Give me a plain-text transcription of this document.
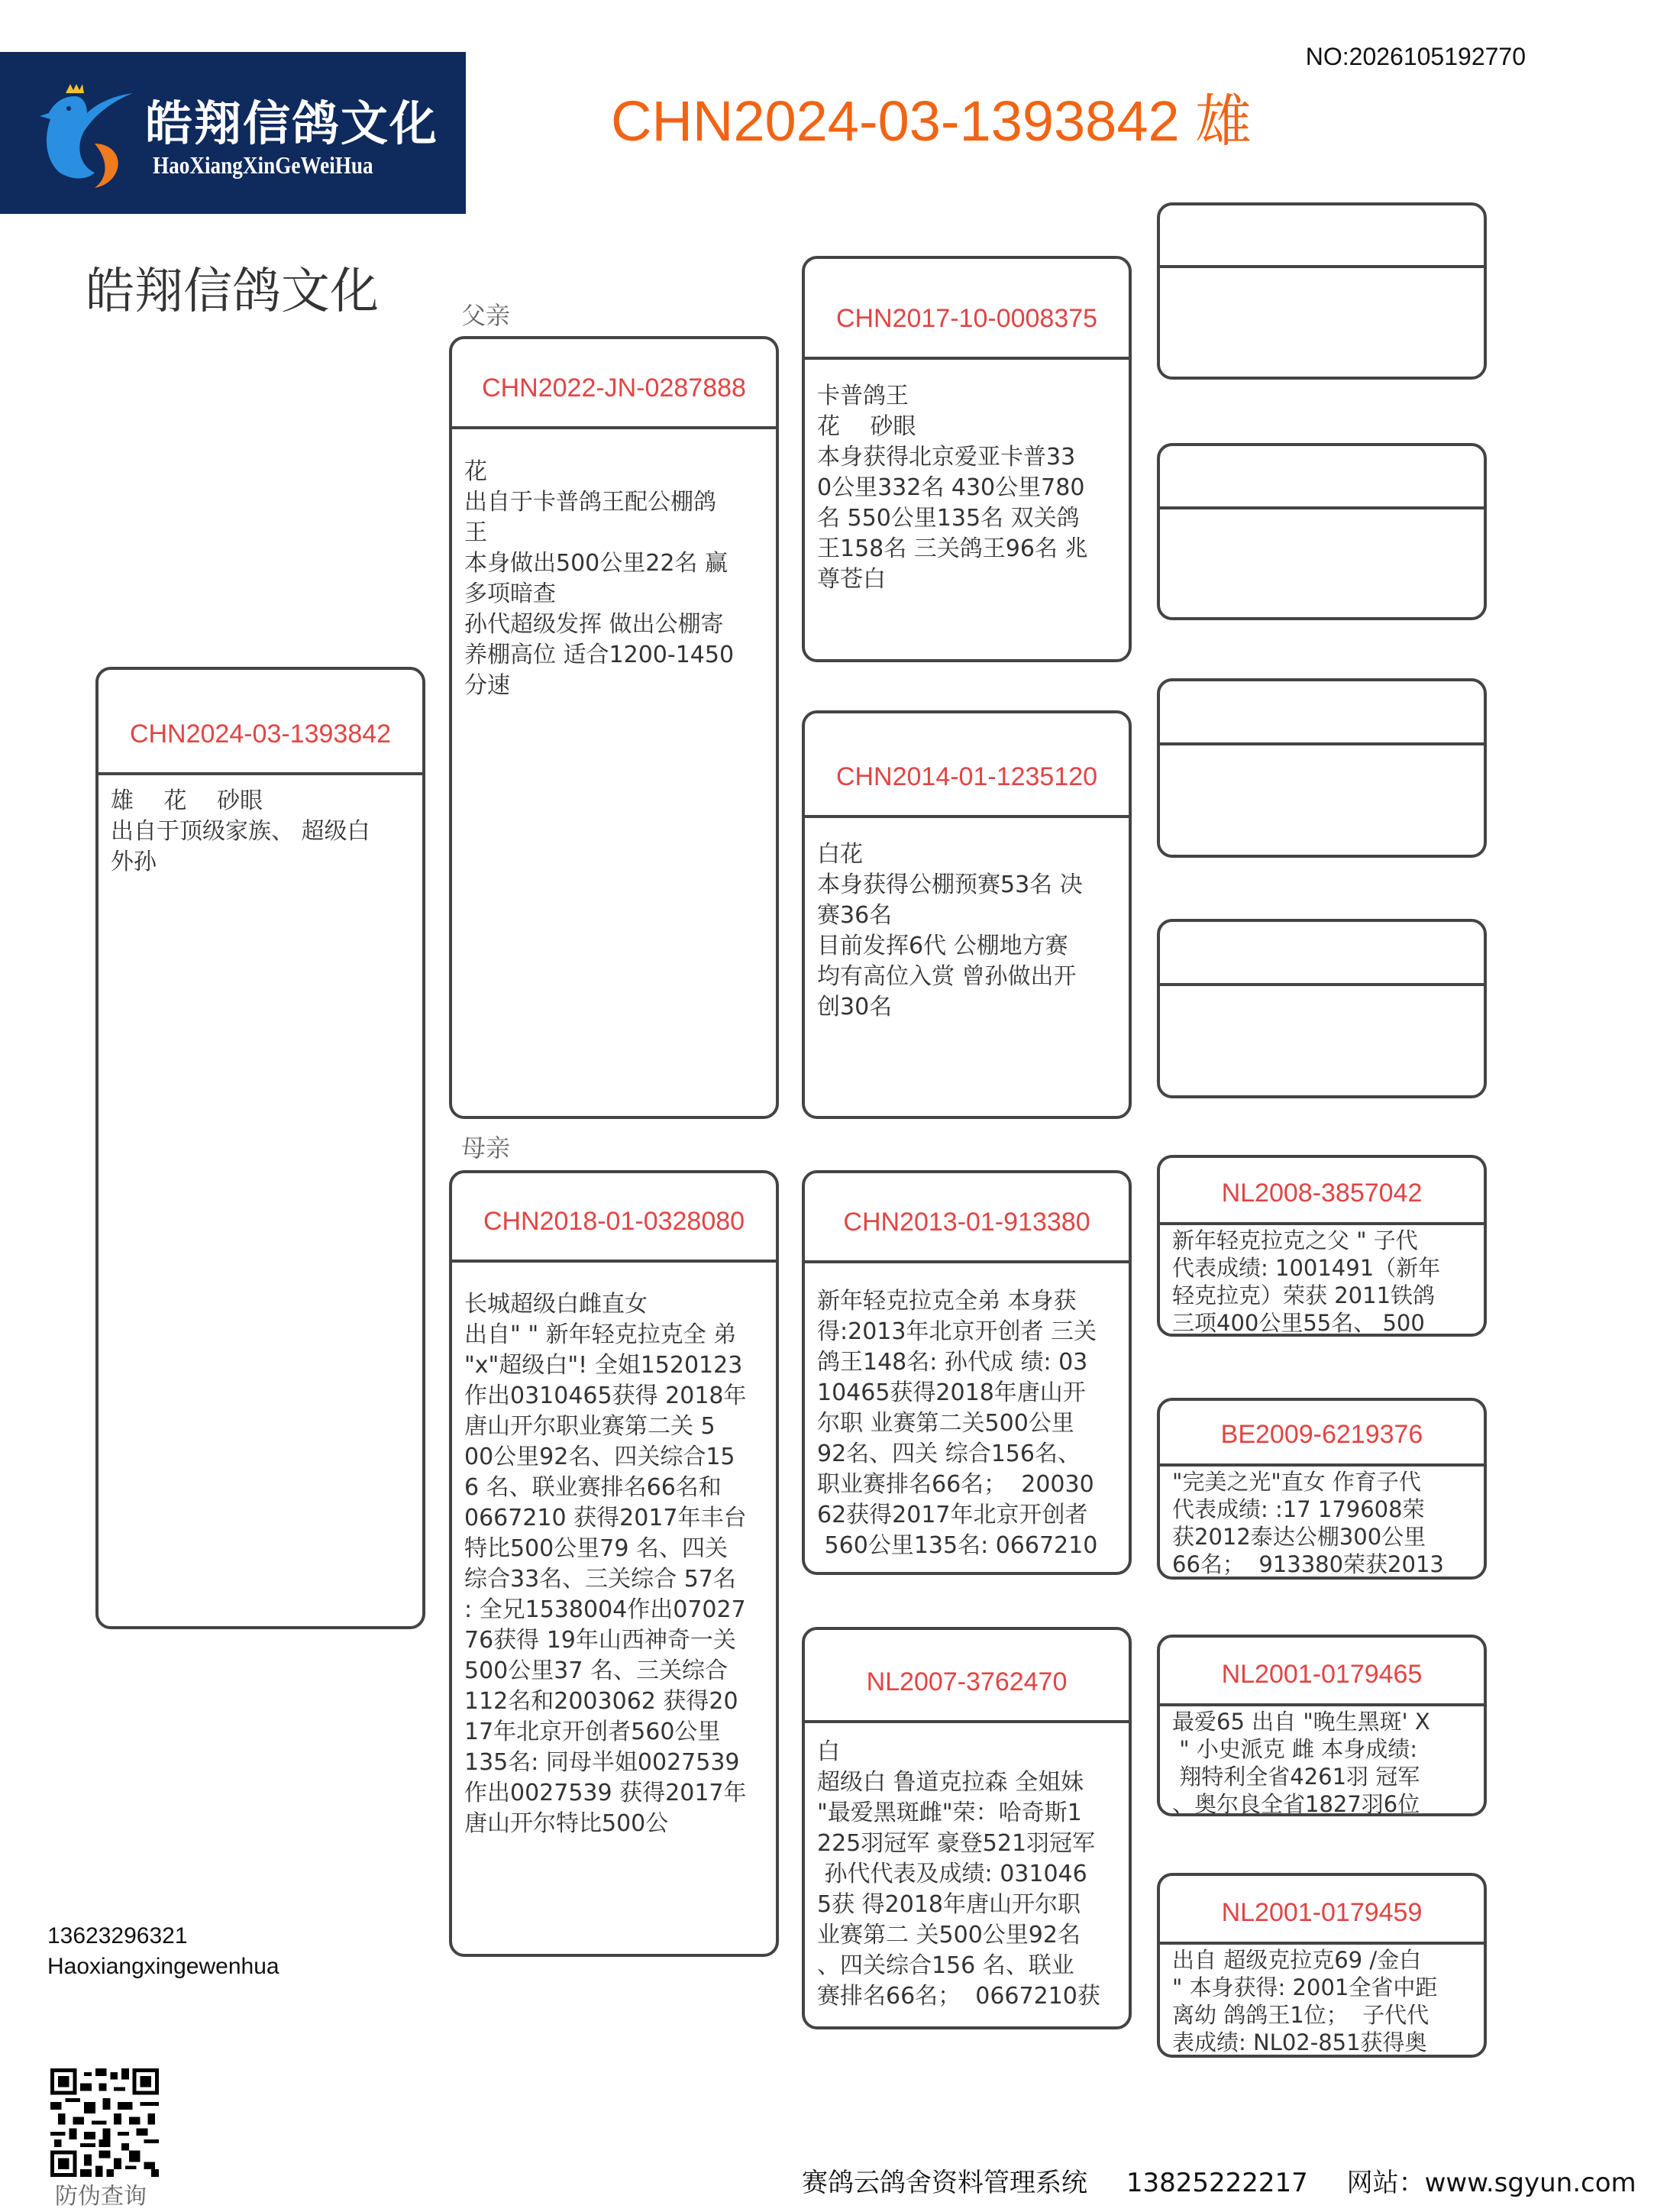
皓翔信鸽文化
HaoXiangXinGeWeiHua
NO:2026105192770
CHN2024-03-1393842 雄
皓翔信鸽文化	父亲
母亲
CHN2024-03-1393842
雄　 花　 砂眼
出自于顶级家族、 超级白
外孙
CHN2022-JN-0287888
花
出自于卡普鸽王配公棚鸽
王
本身做出500公里22名 赢
多项暗查
孙代超级发挥 做出公棚寄
养棚高位 适合1200-1450
分速
CHN2018-01-0328080
长城超级白雌直女
出自" " 新年轻克拉克全 弟
"x"超级白"! 全姐1520123
作出0310465获得 2018年
唐山开尔职业赛第二关 5
00公里92名、四关综合15
6 名、联业赛排名66名和
0667210 获得2017年丰台
特比500公里79 名、四关
综合33名、三关综合 57名
: 全兄1538004作出07027
76获得 19年山西神奇一关
500公里37 名、三关综合
112名和2003062 获得20
17年北京开创者560公里
135名: 同母半姐0027539
作出0027539 获得2017年
唐山开尔特比500公
CHN2017-10-0008375
卡普鸽王
花　 砂眼
本身获得北京爱亚卡普33
0公里332名 430公里780
名 550公里135名 双关鸽
王158名 三关鸽王96名 兆
尊苍白
CHN2014-01-1235120
白花
本身获得公棚预赛53名 决
赛36名
目前发挥6代 公棚地方赛
均有高位入赏 曾孙做出开
创30名
CHN2013-01-913380
新年轻克拉克全弟 本身获
得:2013年北京开创者 三关
鸽王148名: 孙代成 绩: 03
10465获得2018年唐山开
尔职 业赛第二关500公里
92名、四关 综合156名、
职业赛排名66名；  20030
62获得2017年北京开创者
560公里135名: 0667210
NL2007-3762470
白
超级白 鲁道克拉森 全姐妹
"最爱黑斑雌"荣：哈奇斯1
225羽冠军 豪登521羽冠军
孙代代表及成绩: 031046
5获 得2018年唐山开尔职
业赛第二 关500公里92名
、四关综合156 名、联业
赛排名66名；  0667210获
NL2008-3857042
新年轻克拉克之父 " 子代
代表成绩: 1001491（新年
轻克拉克）荣获 2011铁鸽
三项400公里55名、 500
BE2009-6219376
"完美之光"直女 作育子代
代表成绩: :17 179608荣
获2012泰达公棚300公里
66名；  913380荣获2013
NL2001-0179465
最爱65 出自 "晚生黑斑' X
" 小史派克 雌 本身成绩:
翔特利全省4261羽 冠军
、奥尔良全省1827羽6位
NL2001-0179459
出自 超级克拉克69 /金白
" 本身获得: 2001全省中距
离幼 鸽鸽王1位；  子代代
表成绩: NL02-851获得奥
13623296321
Haoxiangxingewenhua
防伪查询	赛鸽云鸽舍资料管理系统 13825222217 网站：www.sgyun.com
